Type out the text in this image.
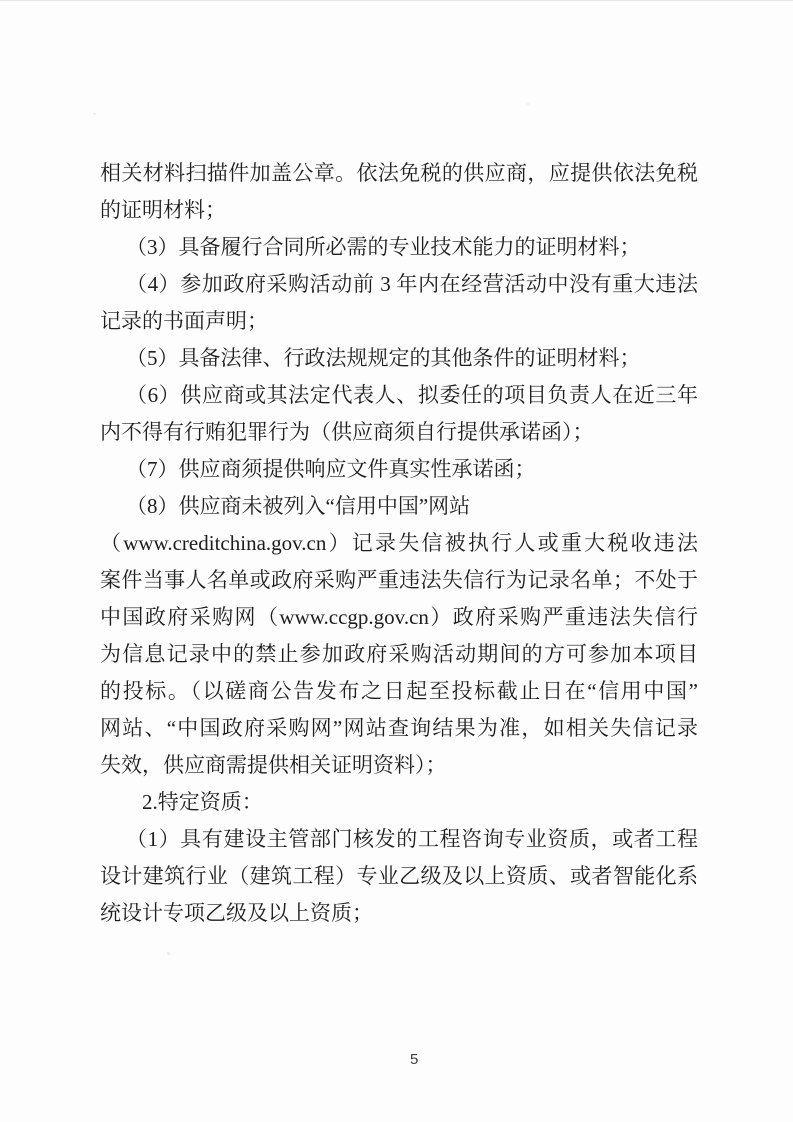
相关材料扫描件加盖公章。依法免税的供应商，应提供依法免税
的证明材料；
（3）具备履行合同所必需的专业技术能力的证明材料；
（4）参加政府采购活动前 3 年内在经营活动中没有重大违法
记录的书面声明；
（5）具备法律、行政法规规定的其他条件的证明材料；
（6）供应商或其法定代表人、拟委任的项目负责人在近三年
内不得有行贿犯罪行为（供应商须自行提供承诺函）；
（7）供应商须提供响应文件真实性承诺函；
（8）供应商未被列入“信用中国”网站
（www.creditchina.gov.cn）记录失信被执行人或重大税收违法
案件当事人名单或政府采购严重违法失信行为记录名单；不处于
中国政府采购网（www.ccgp.gov.cn）政府采购严重违法失信行
为信息记录中的禁止参加政府采购活动期间的方可参加本项目
的投标。（以磋商公告发布之日起至投标截止日在“信用中国”
网站、“中国政府采购网”网站查询结果为准，如相关失信记录
失效，供应商需提供相关证明资料）；
2.特定资质：
（1）具有建设主管部门核发的工程咨询专业资质，或者工程
设计建筑行业（建筑工程）专业乙级及以上资质、或者智能化系
统设计专项乙级及以上资质；
5
